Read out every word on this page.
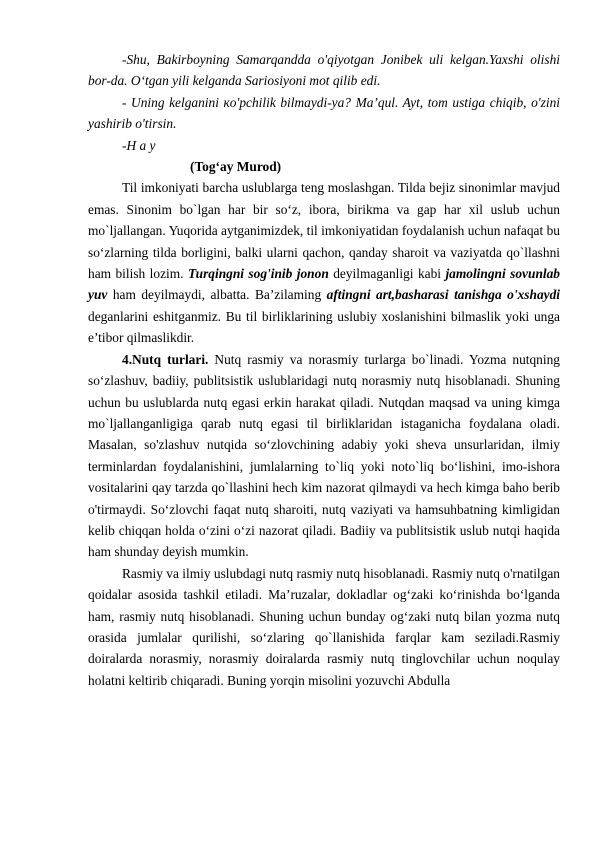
-Shu, Bakirboyning Samarqandda o'qiyotgan Jonibek uli kelgan.Yaxshi olishi bor-da. O‘tgan yili kelganda Sariosiyoni mot qilib edi.

- Uning kelganini кo'pchilik bilmaydi-ya? Ma’qul. Ayt, tom ustiga chiqib, o'zini yashirib o'tirsin.

-H a y

(Tog‘ay Murod)

Til imkoniyati barcha uslublarga teng moslashgan. Tilda bejiz sinonimlar mavjud emas. Sinonim bo`lgan har bir so‘z, ibora, birikma va gap har xil uslub uchun mo`ljallangan. Yuqorida aytganimizdek, til imkoniyatidan foydalanish uchun nafaqat bu so‘zlarning tilda borligini, balki ularni qachon, qanday sharoit va vaziyatda qo`llashni ham bilish lozim. Turqingni sog'inib jonon deyilmaganligi kabi jamolingni sovunlab yuv ham deyilmaydi, albatta. Ba’zilaming aftingni art,basharasi tanishga o'xshaydi deganlarini eshitganmiz. Bu til birliklarining uslubiy xoslanishini bilmaslik yoki unga e’tibor qilmaslikdir.

4.Nutq turlari. Nutq rasmiy va norasmiy turlarga bo`linadi. Yozma nutqning so‘zlashuv, badiiy, publitsistik uslublaridagi nutq norasmiy nutq hisoblanadi. Shuning uchun bu uslublarda nutq egasi erkin harakat qiladi. Nutqdan maqsad va uning kimga mo`ljallanganligiga qarab nutq egasi til birliklaridan istaganicha foydalana oladi. Masalan, so'zlashuv nutqida so‘zlovchining adabiy yoki sheva unsurlaridan, ilmiy terminlardan foydalanishini, jumlalarning to`liq yoki noto`liq bo‘lishini, imo-ishora vositalarini qay tarzda qo`llashini hech kim nazorat qilmaydi va hech kimga baho berib o'tirmaydi. So‘zlovchi faqat nutq sharoiti, nutq vaziyati va hamsuhbatning kimligidan kelib chiqqan holda o‘zini o‘zi nazorat qiladi. Badiiy va publitsistik uslub nutqi haqida ham shunday deyish mumkin.

Rasmiy va ilmiy uslubdagi nutq rasmiy nutq hisoblanadi. Rasmiy nutq o'rnatilgan qoidalar asosida tashkil etiladi. Ma’ruzalar, dokladlar og‘zaki ko‘rinishda bo‘lganda ham, rasmiy nutq hisoblanadi. Shuning uchun bunday og‘zaki nutq bilan yozma nutq orasida jumlalar qurilishi, so‘zlaring qo`llanishida farqlar kam seziladi.Rasmiy doiralarda norasmiy, norasmiy doiralarda rasmiy nutq tinglovchilar uchun noqulay holatni keltirib chiqaradi. Buning yorqin misolini yozuvchi Abdulla
